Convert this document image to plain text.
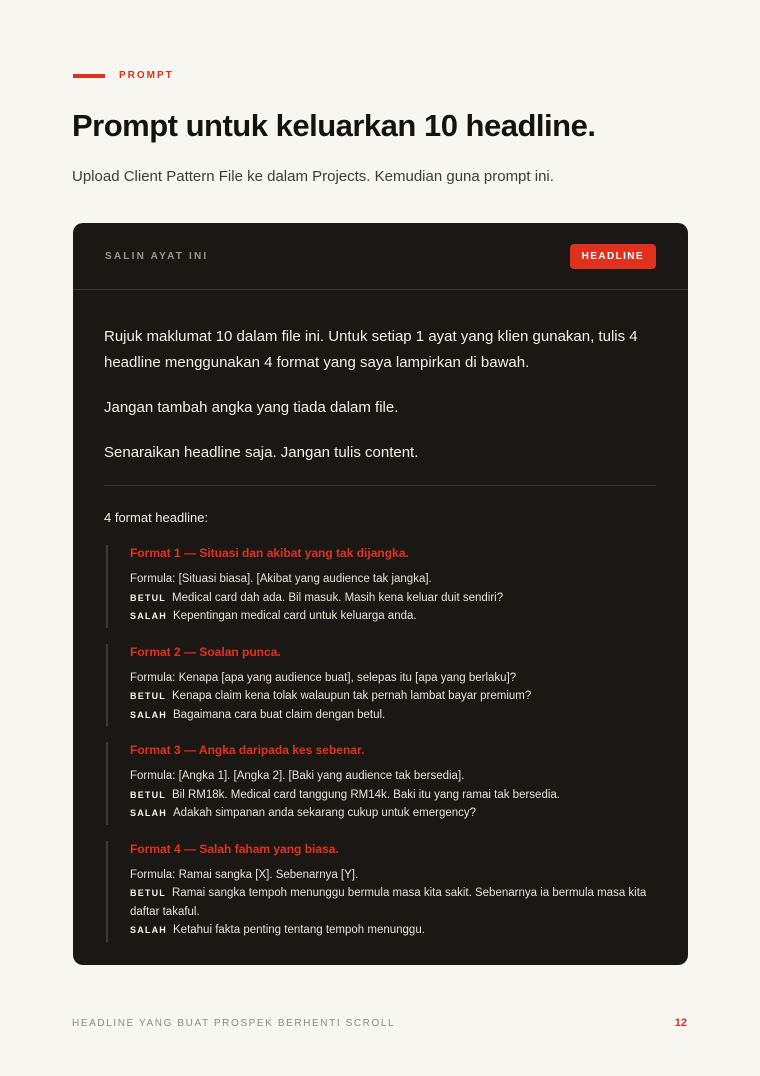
PROMPT
Prompt untuk keluarkan 10 headline.

Upload Client Pattern File ke dalam Projects. Kemudian guna prompt ini.

SALIN AYAT INI	HEADLINE

Rujuk maklumat 10 dalam file ini. Untuk setiap 1 ayat yang klien gunakan, tulis 4 headline menggunakan 4 format yang saya lampirkan di bawah.

Jangan tambah angka yang tiada dalam file.

Senaraikan headline saja. Jangan tulis content.

4 format headline:

Format 1 — Situasi dan akibat yang tak dijangka.

Formula: [Situasi biasa]. [Akibat yang audience tak jangka].

BETUL Medical card dah ada. Bil masuk. Masih kena keluar duit sendiri?

SALAH Kepentingan medical card untuk keluarga anda.

Format 2 — Soalan punca.

Formula: Kenapa [apa yang audience buat], selepas itu [apa yang berlaku]?

BETUL Kenapa claim kena tolak walaupun tak pernah lambat bayar premium?

SALAH Bagaimana cara buat claim dengan betul.

Format 3 — Angka daripada kes sebenar.

Formula: [Angka 1]. [Angka 2]. [Baki yang audience tak bersedia].

BETUL Bil RM18k. Medical card tanggung RM14k. Baki itu yang ramai tak bersedia.

SALAH Adakah simpanan anda sekarang cukup untuk emergency?

Format 4 — Salah faham yang biasa.

Formula: Ramai sangka [X]. Sebenarnya [Y].

BETUL Ramai sangka tempoh menunggu bermula masa kita sakit. Sebenarnya ia bermula masa kita daftar takaful.

SALAH Ketahui fakta penting tentang tempoh menunggu.

HEADLINE YANG BUAT PROSPEK BERHENTI SCROLL	12
